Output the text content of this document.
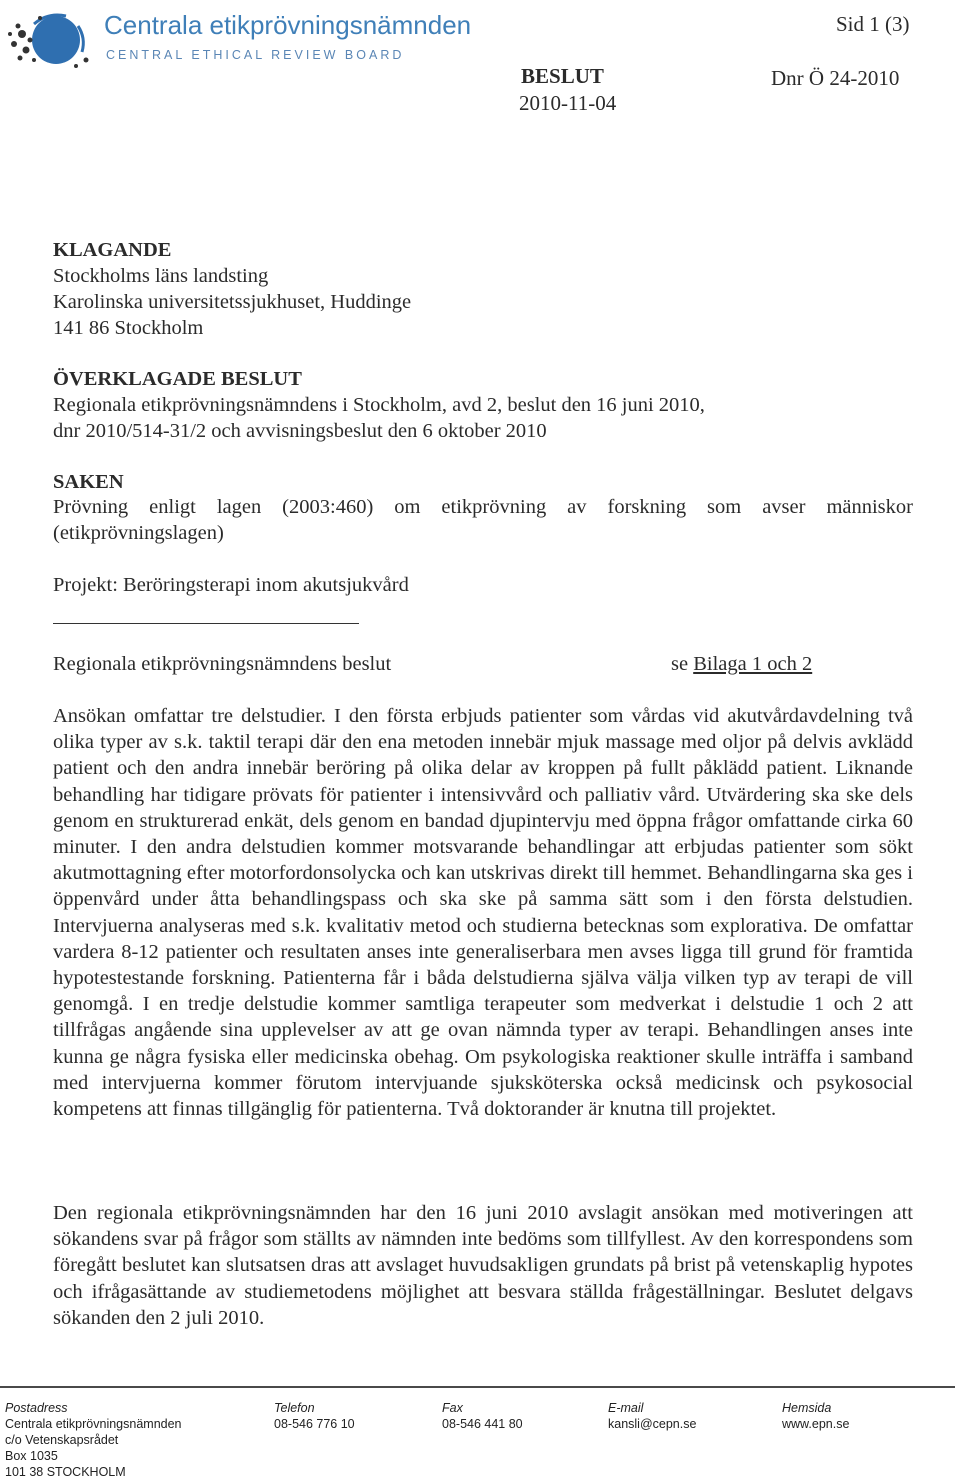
Centrala etikprövningsnämnden
CENTRAL ETHICAL REVIEW BOARD
Sid 1 (3)
BESLUT	Dnr Ö 24-2010
2010-11-04
KLAGANDE
Stockholms läns landsting
Karolinska universitetssjukhuset, Huddinge
141 86 Stockholm
ÖVERKLAGADE BESLUT
Regionala etikprövningsnämndens i Stockholm, avd 2, beslut den 16 juni 2010,
dnr 2010/514-31/2 och avvisningsbeslut den 6 oktober 2010
SAKEN
Prövning enligt lagen (2003:460) om etikprövning av forskning som avser människor (etikprövningslagen)
Projekt: Beröringsterapi inom akutsjukvård
Regionala etikprövningsnämndens beslut	se Bilaga 1 och 2
Ansökan omfattar tre delstudier. I den första erbjuds patienter som vårdas vid akutvårdavdelning två olika typer av s.k. taktil terapi där den ena metoden innebär mjuk massage med oljor på delvis avklädd patient och den andra innebär beröring på olika delar av kroppen på fullt påklädd patient. Liknande behandling har tidigare prövats för patienter i intensivvård och palliativ vård. Utvärdering ska ske dels genom en strukturerad enkät, dels genom en bandad djupintervju med öppna frågor omfattande cirka 60 minuter. I den andra delstudien kommer motsvarande behandlingar att erbjudas patienter som sökt akutmottagning efter motorfordonsolycka och kan utskrivas direkt till hemmet. Behandlingarna ska ges i öppenvård under åtta behandlingspass och ska ske på samma sätt som i den första delstudien. Intervjuerna analyseras med s.k. kvalitativ metod och studierna betecknas som explorativa. De omfattar vardera 8-12 patienter och resultaten anses inte generaliserbara men avses ligga till grund för framtida hypotestestande forskning. Patienterna får i båda delstudierna själva välja vilken typ av terapi de vill genomgå. I en tredje delstudie kommer samtliga terapeuter som medverkat i delstudie 1 och 2 att tillfrågas angående sina upplevelser av att ge ovan nämnda typer av terapi. Behandlingen anses inte kunna ge några fysiska eller medicinska obehag. Om psykologiska reaktioner skulle inträffa i samband med intervjuerna kommer förutom intervjuande sjuksköterska också medicinsk och psykosocial kompetens att finnas tillgänglig för patienterna. Två doktorander är knutna till projektet.
Den regionala etikprövningsnämnden har den 16 juni 2010 avslagit ansökan med motiveringen att sökandens svar på frågor som ställts av nämnden inte bedöms som tillfyllest. Av den korrespondens som föregått beslutet kan slutsatsen dras att avslaget huvudsakligen grundats på brist på vetenskaplig hypotes och ifrågasättande av studiemetodens möjlighet att besvara ställda frågeställningar. Beslutet delgavs sökanden den 2 juli 2010.
Postadress
Centrala etikprövningsnämnden
c/o Vetenskapsrådet
Box 1035
101 38 STOCKHOLM
Telefon
08-546 776 10
Fax
08-546 441 80
E-mail
kansli@cepn.se
Hemsida
www.epn.se
